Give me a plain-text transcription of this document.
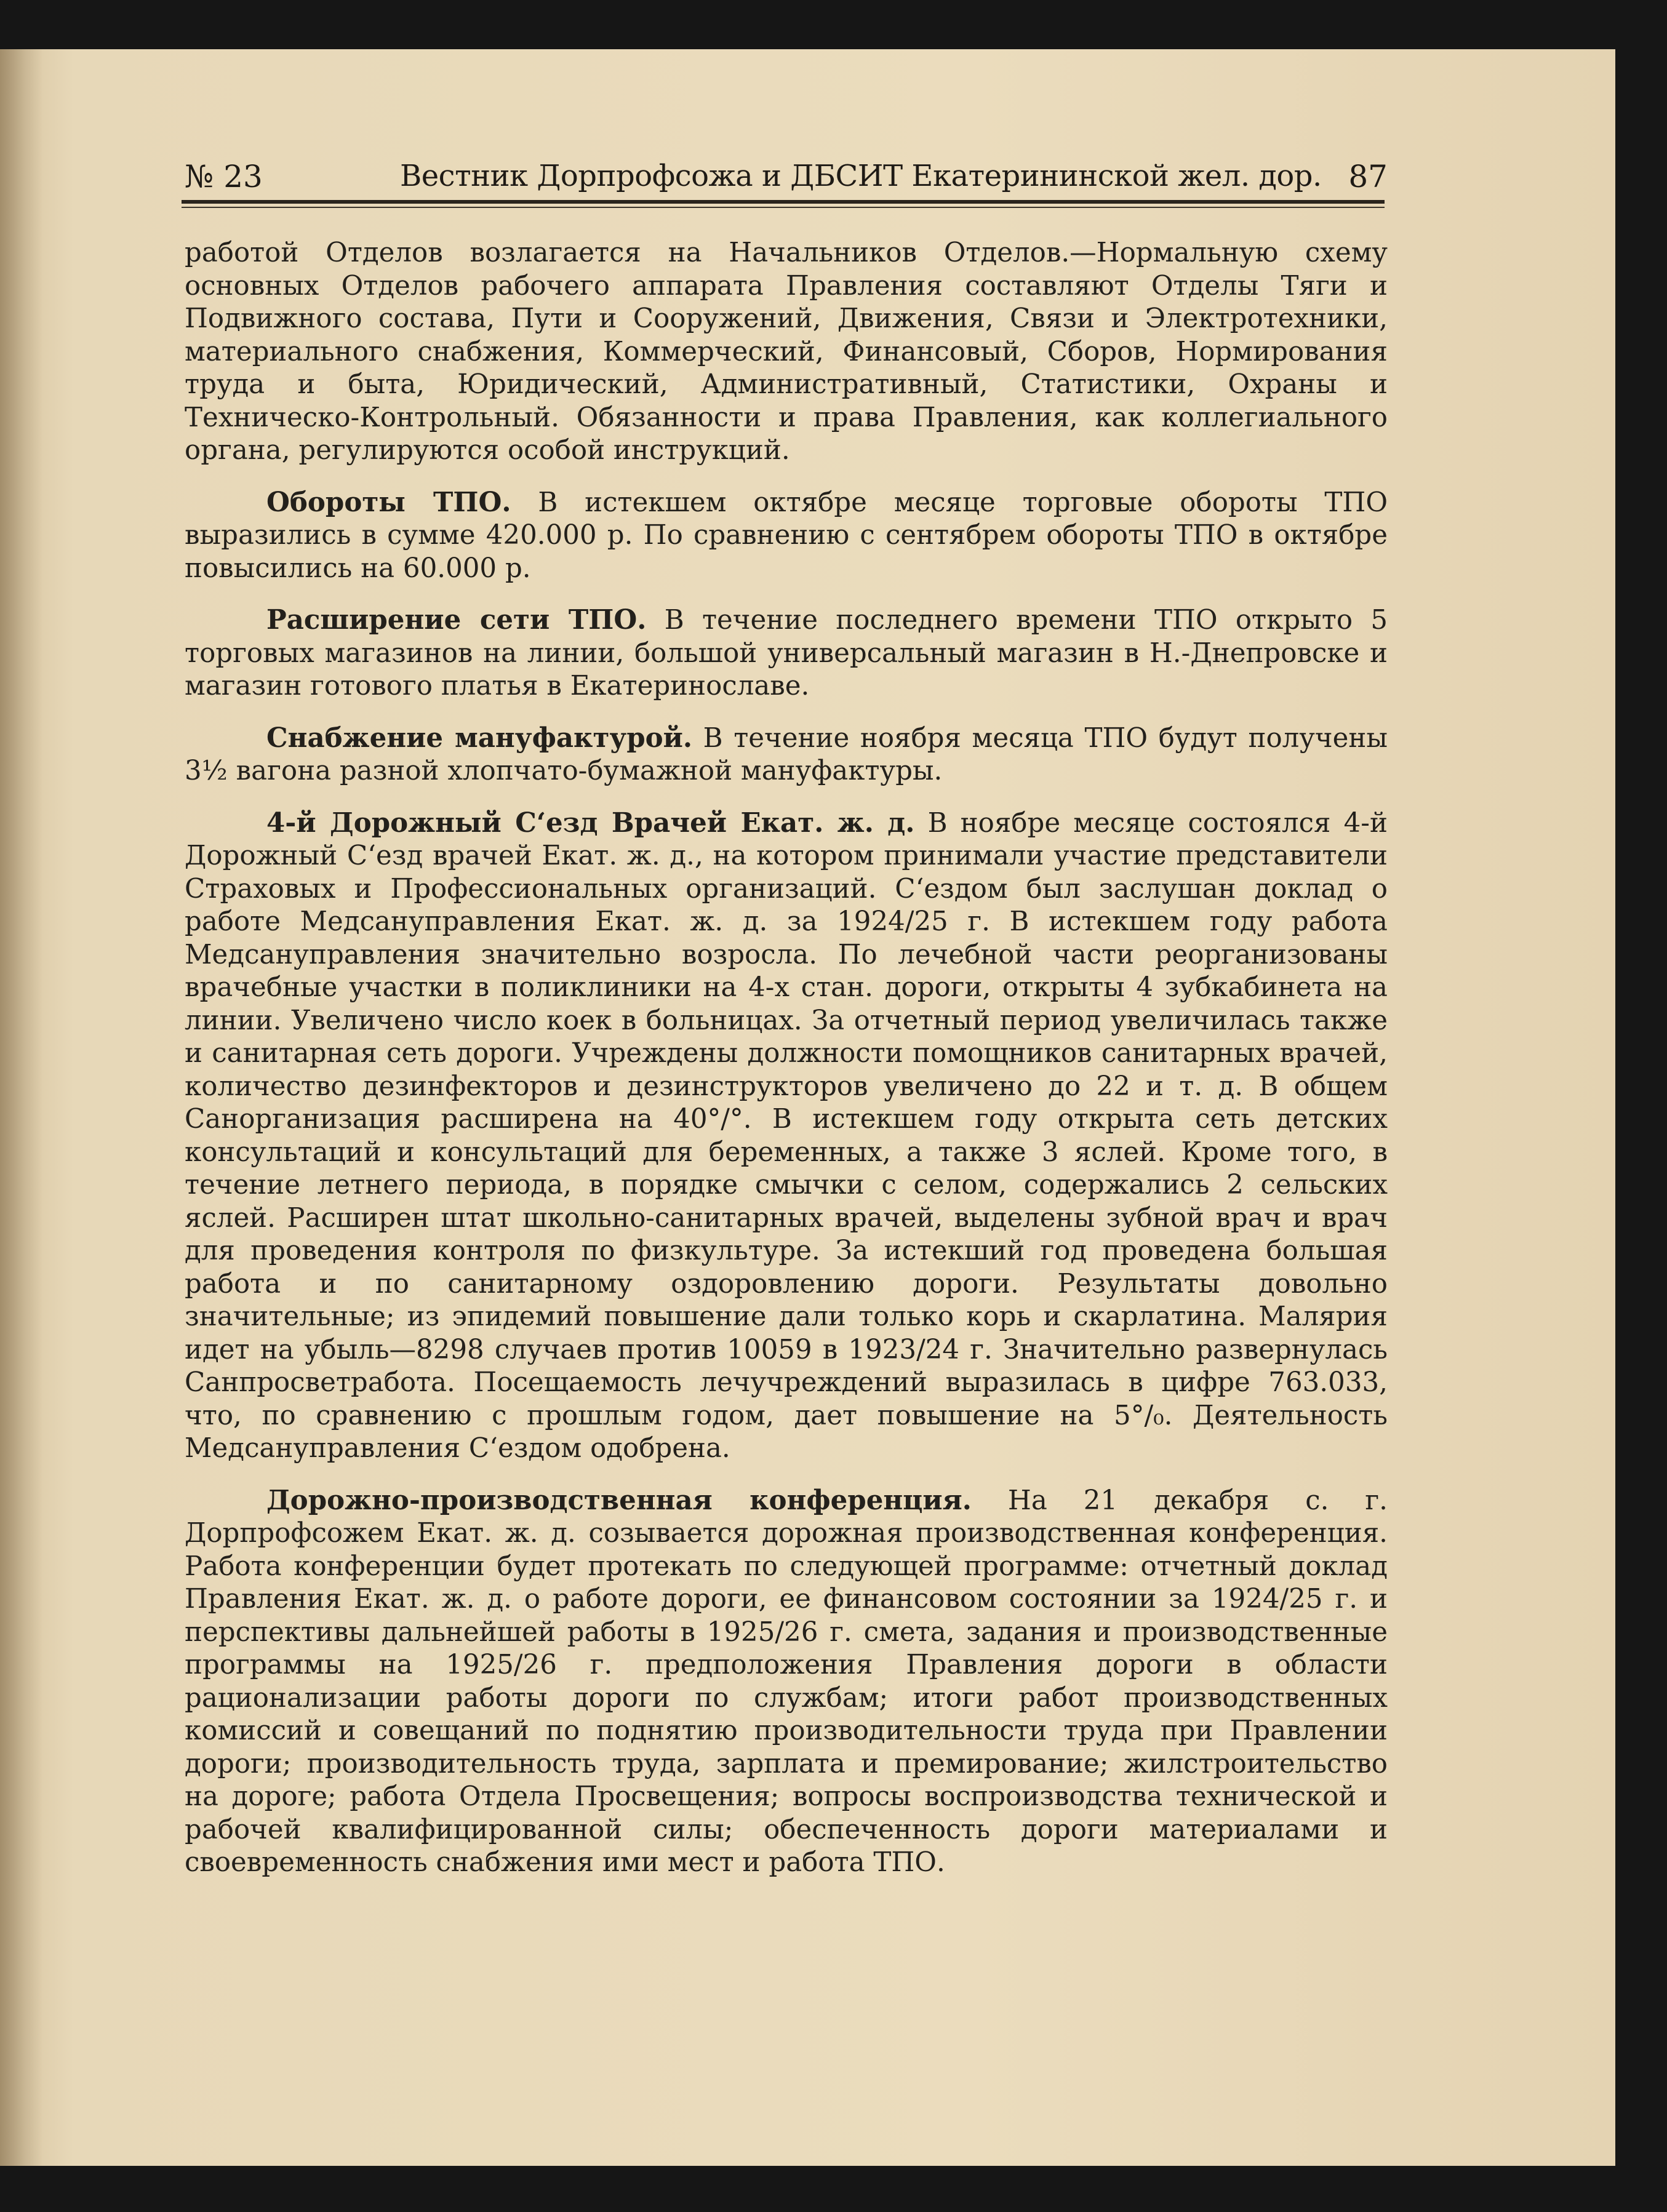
№ 23	Вестник Дорпрофсожа и ДБСИТ Екатерининской жел. дор. 87

работой Отделов возлагается на Начальников Отделов.—Нормальную схему основных Отделов рабочего аппарата Правления составляют Отделы Тяги и Подвижного состава, Пути и Сооружений, Движения, Связи и Электротехники, материального снабжения, Коммерческий, Финансовый, Сборов, Нормирования труда и быта, Юридический, Административный, Статистики, Охраны и Техническо-Контрольный. Обязанности и права Правления, как коллегиального органа, регулируются особой инструкций.

Обороты ТПО. В истекшем октябре месяце торговые обороты ТПО выразились в сумме 420.000 р. По сравнению с сентябрем обороты ТПО в октябре повысились на 60.000 р.

Расширение сети ТПО. В течение последнего времени ТПО открыто 5 торговых магазинов на линии, большой универсальный магазин в Н.-Днепровске и магазин готового платья в Екатеринославе.

Снабжение мануфактурой. В течение ноября месяца ТПО будут получены 3½ вагона разной хлопчато-бумажной мануфактуры.

4-й Дорожный С‘езд Врачей Екат. ж. д. В ноябре месяце состоялся 4-й Дорожный С‘езд врачей Екат. ж. д., на котором принимали участие представители Страховых и Профессиональных организаций. С‘ездом был заслушан доклад о работе Медсануправления Екат. ж. д. за 1924/25 г. В истекшем году работа Медсануправления значительно возросла. По лечебной части реорганизованы врачебные участки в поликлиники на 4-х стан. дороги, открыты 4 зубкабинета на линии. Увеличено число коек в больницах. За отчетный период увеличилась также и санитарная сеть дороги. Учреждены должности помощников санитарных врачей, количество дезинфекторов и дезинструкторов увеличено до 22 и т. д. В общем Санорганизация расширена на 40°/°. В истекшем году открыта сеть детских консультаций и консультаций для беременных, а также 3 яслей. Кроме того, в течение летнего периода, в порядке смычки с селом, содержались 2 сельских яслей. Расширен штат школьно-санитарных врачей, выделены зубной врач и врач для проведения контроля по физкультуре. За истекший год проведена большая работа и по санитарному оздоровлению дороги. Результаты довольно значительные; из эпидемий повышение дали только корь и скарлатина. Малярия идет на убыль—8298 случаев против 10059 в 1923/24 г. Значительно развернулась Санпросветработа. Посещаемость лечучреждений выразилась в цифре 763.033, что, по сравнению с прошлым годом, дает повышение на 5°/₀. Деятельность Медсануправления С‘ездом одобрена.

Дорожно-производственная конференция. На 21 декабря с. г. Дорпрофсожем Екат. ж. д. созывается дорожная производственная конференция. Работа конференции будет протекать по следующей программе: отчетный доклад Правления Екат. ж. д. о работе дороги, ее финансовом состоянии за 1924/25 г. и перспективы дальнейшей работы в 1925/26 г. смета, задания и производственные программы на 1925/26 г. предположения Правления дороги в области рационализации работы дороги по службам; итоги работ производственных комиссий и совещаний по поднятию производительности труда при Правлении дороги; производительность труда, зарплата и премирование; жилстроительство на дороге; работа Отдела Просвещения; вопросы воспроизводства технической и рабочей квалифицированной силы; обеспеченность дороги материалами и своевременность снабжения ими мест и работа ТПО.
